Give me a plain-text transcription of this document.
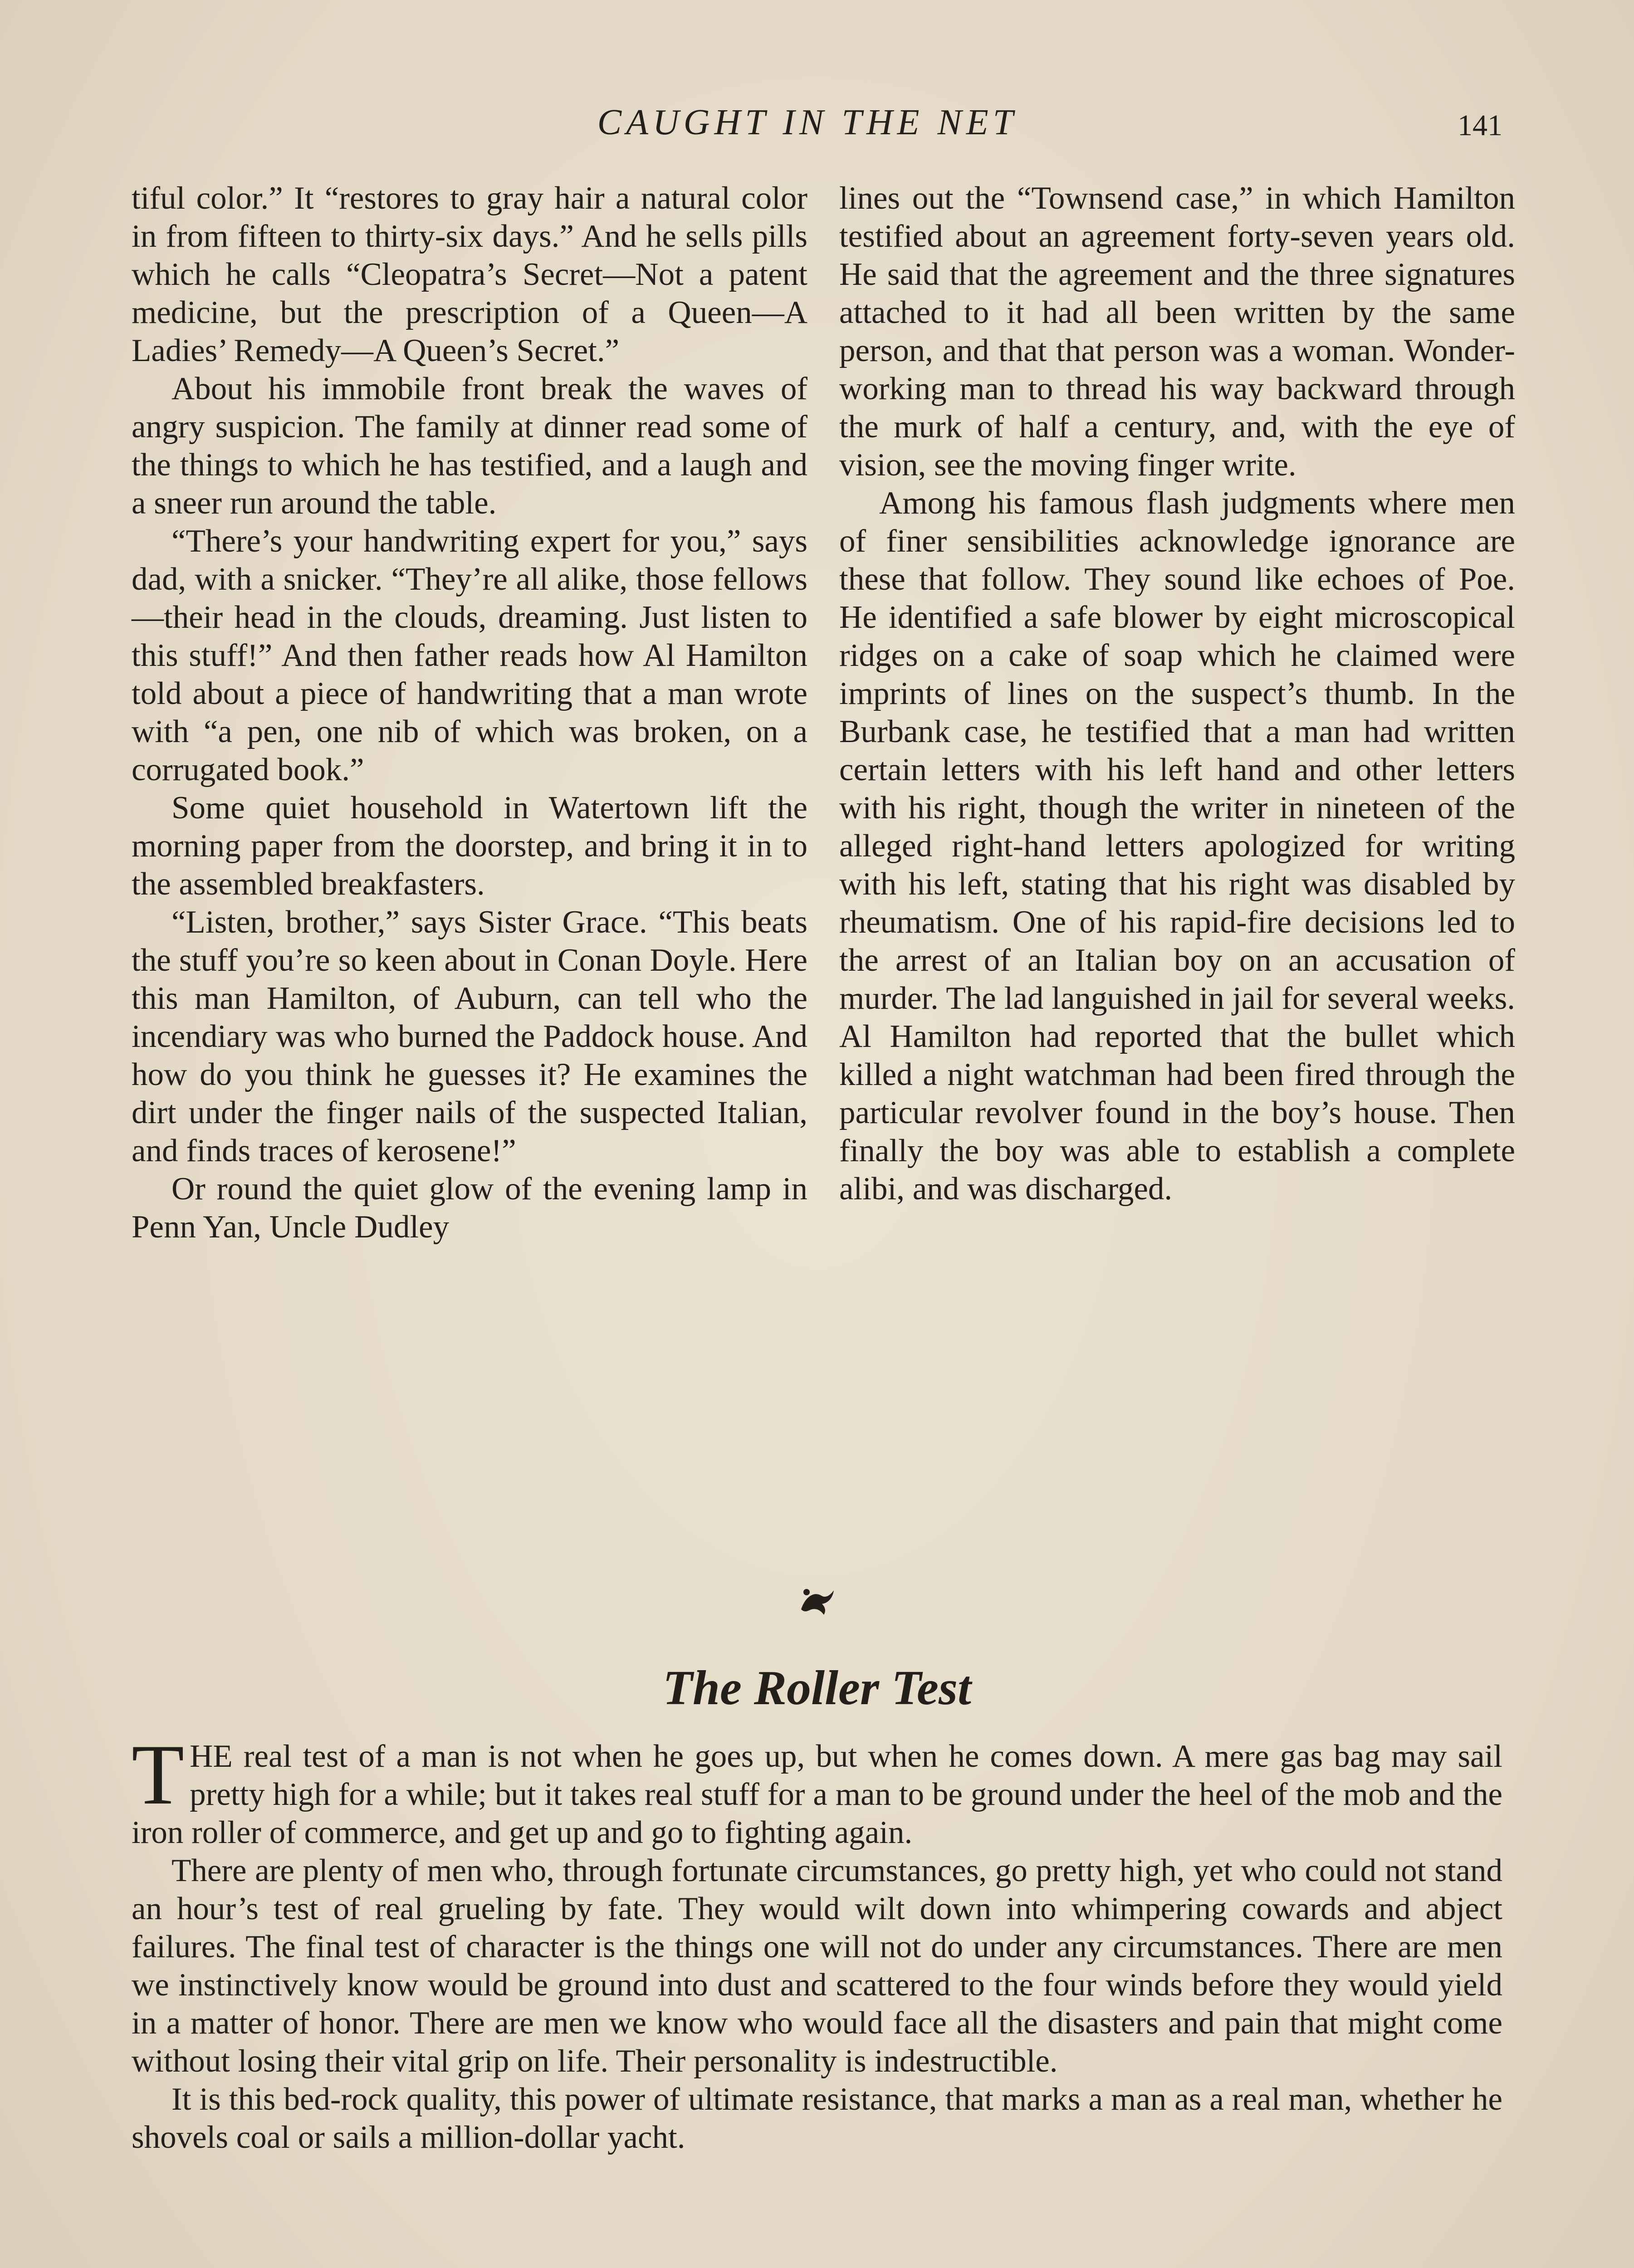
CAUGHT IN THE NET	141

tiful color.” It “restores to gray hair a natural color in from fifteen to thirty-six days.” And he sells pills which he calls “Cleopatra’s Secret—Not a patent medicine, but the prescription of a Queen—A Ladies’ Remedy—A Queen’s Secret.”

About his immobile front break the waves of angry suspicion. The family at dinner read some of the things to which he has testified, and a laugh and a sneer run around the table.

“There’s your handwriting expert for you,” says dad, with a snicker. “They’re all alike, those fellows—their head in the clouds, dreaming. Just listen to this stuff!” And then father reads how Al Hamilton told about a piece of handwriting that a man wrote with “a pen, one nib of which was broken, on a corrugated book.”

Some quiet household in Watertown lift the morning paper from the doorstep, and bring it in to the assembled breakfasters.

“Listen, brother,” says Sister Grace. “This beats the stuff you’re so keen about in Conan Doyle. Here this man Hamilton, of Auburn, can tell who the incendiary was who burned the Paddock house. And how do you think he guesses it? He examines the dirt under the finger nails of the suspected Italian, and finds traces of kerosene!”

Or round the quiet glow of the evening lamp in Penn Yan, Uncle Dudley

lines out the “Townsend case,” in which Hamilton testified about an agreement forty-seven years old. He said that the agreement and the three signatures attached to it had all been written by the same person, and that that person was a woman. Wonder-working man to thread his way backward through the murk of half a century, and, with the eye of vision, see the moving finger write.

Among his famous flash judgments where men of finer sensibilities acknowledge ignorance are these that follow. They sound like echoes of Poe. He identified a safe blower by eight microscopical ridges on a cake of soap which he claimed were imprints of lines on the suspect’s thumb. In the Burbank case, he testified that a man had written certain letters with his left hand and other letters with his right, though the writer in nineteen of the alleged right-hand letters apologized for writing with his left, stating that his right was disabled by rheumatism. One of his rapid-fire decisions led to the arrest of an Italian boy on an accusation of murder. The lad languished in jail for several weeks. Al Hamilton had reported that the bullet which killed a night watchman had been fired through the particular revolver found in the boy’s house. Then finally the boy was able to establish a complete alibi, and was discharged.

The Roller Test

THE real test of a man is not when he goes up, but when he comes down. A mere gas bag may sail pretty high for a while; but it takes real stuff for a man to be ground under the heel of the mob and the iron roller of commerce, and get up and go to fighting again.

There are plenty of men who, through fortunate circumstances, go pretty high, yet who could not stand an hour’s test of real grueling by fate. They would wilt down into whimpering cowards and abject failures. The final test of character is the things one will not do under any circumstances. There are men we instinctively know would be ground into dust and scattered to the four winds before they would yield in a matter of honor. There are men we know who would face all the disasters and pain that might come without losing their vital grip on life. Their personality is indestructible.

It is this bed-rock quality, this power of ultimate resistance, that marks a man as a real man, whether he shovels coal or sails a million-dollar yacht.
